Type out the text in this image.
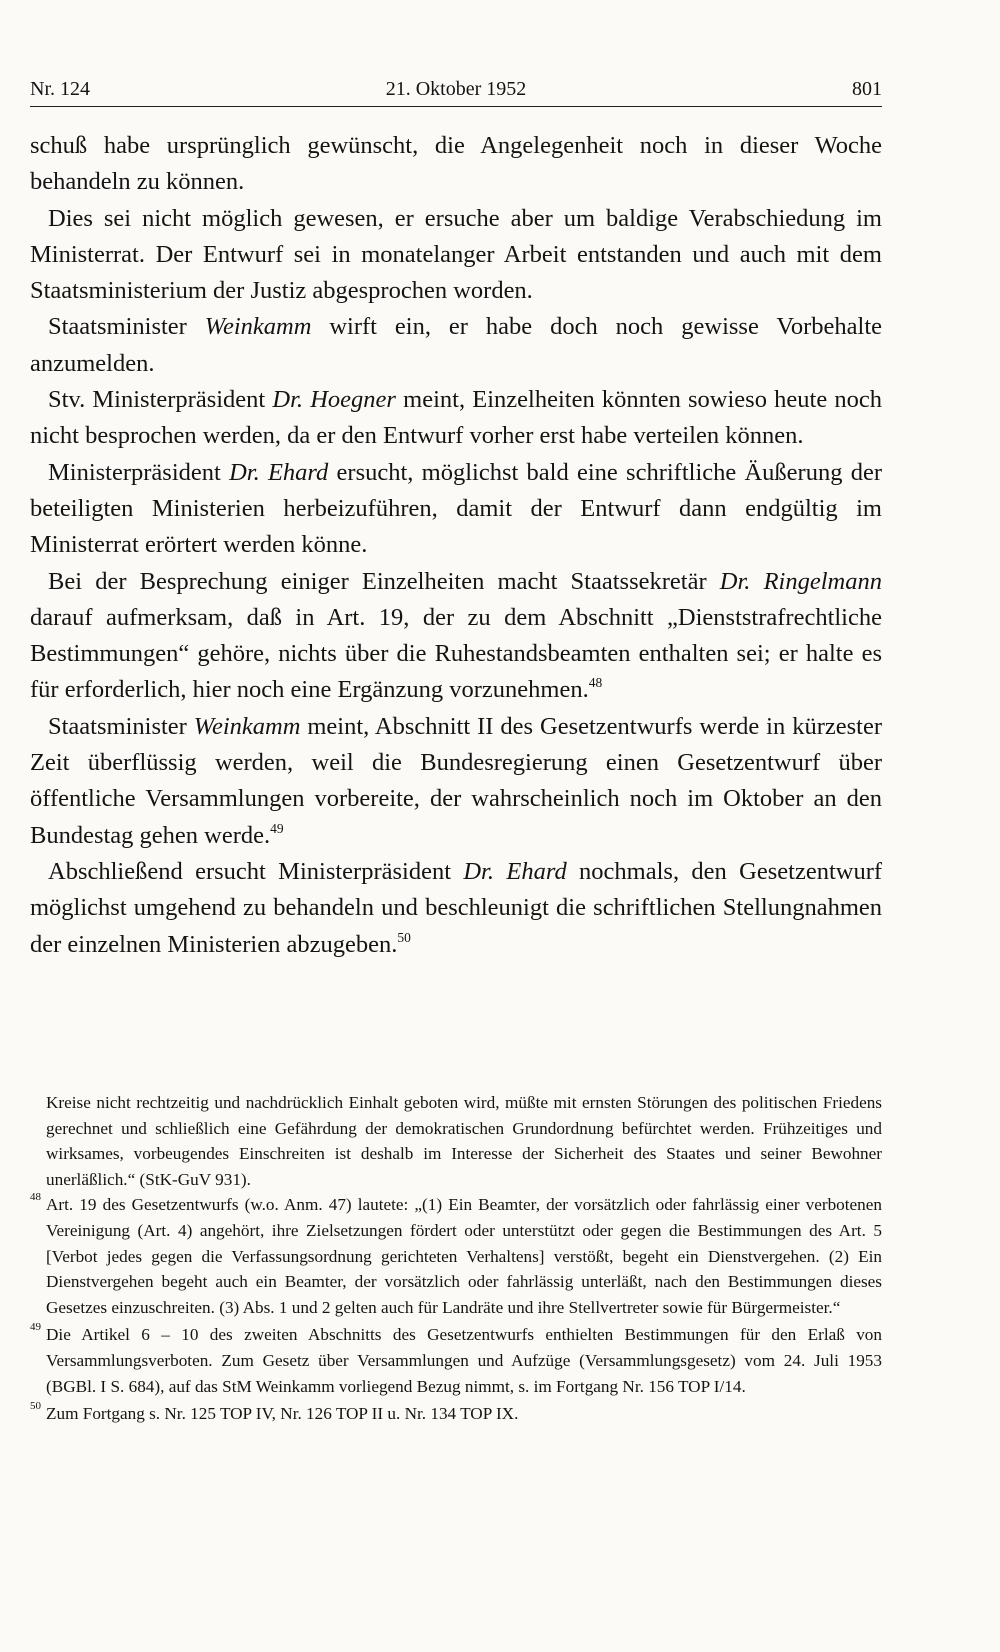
Nr. 124	21. Oktober 1952	801

schuß habe ursprünglich gewünscht, die Angelegenheit noch in dieser Woche behandeln zu können.

Dies sei nicht möglich gewesen, er ersuche aber um baldige Verabschiedung im Ministerrat. Der Entwurf sei in monatelanger Arbeit entstanden und auch mit dem Staatsministerium der Justiz abgesprochen worden.

Staatsminister Weinkamm wirft ein, er habe doch noch gewisse Vorbehalte anzumelden.

Stv. Ministerpräsident Dr. Hoegner meint, Einzelheiten könnten sowieso heute noch nicht besprochen werden, da er den Entwurf vorher erst habe verteilen können.

Ministerpräsident Dr. Ehard ersucht, möglichst bald eine schriftliche Äußerung der beteiligten Ministerien herbeizuführen, damit der Entwurf dann endgültig im Ministerrat erörtert werden könne.

Bei der Besprechung einiger Einzelheiten macht Staatssekretär Dr. Ringelmann darauf aufmerksam, daß in Art. 19, der zu dem Abschnitt „Dienststrafrechtliche Bestimmungen“ gehöre, nichts über die Ruhestandsbeamten enthalten sei; er halte es für erforderlich, hier noch eine Ergänzung vorzunehmen.$^{48}$

Staatsminister Weinkamm meint, Abschnitt II des Gesetzentwurfs werde in kürzester Zeit überflüssig werden, weil die Bundesregierung einen Gesetzentwurf über öffentliche Versammlungen vorbereite, der wahrscheinlich noch im Oktober an den Bundestag gehen werde.$^{49}$

Abschließend ersucht Ministerpräsident Dr. Ehard nochmals, den Gesetzentwurf möglichst umgehend zu behandeln und beschleunigt die schriftlichen Stellungnahmen der einzelnen Ministerien abzugeben.$^{50}$

Kreise nicht rechtzeitig und nachdrücklich Einhalt geboten wird, müßte mit ernsten Störungen des politischen Friedens gerechnet und schließlich eine Gefährdung der demokratischen Grundordnung befürchtet werden. Frühzeitiges und wirksames, vorbeugendes Einschreiten ist deshalb im Interesse der Sicherheit des Staates und seiner Bewohner unerläßlich.“ (StK-GuV 931).

48 Art. 19 des Gesetzentwurfs (w.o. Anm. 47) lautete: „(1) Ein Beamter, der vorsätzlich oder fahrlässig einer verbotenen Vereinigung (Art. 4) angehört, ihre Zielsetzungen fördert oder unterstützt oder gegen die Bestimmungen des Art. 5 [Verbot jedes gegen die Verfassungsordnung gerichteten Verhaltens] verstößt, begeht ein Dienstvergehen. (2) Ein Dienstvergehen begeht auch ein Beamter, der vorsätzlich oder fahrlässig unterläßt, nach den Bestimmungen dieses Gesetzes einzuschreiten. (3) Abs. 1 und 2 gelten auch für Landräte und ihre Stellvertreter sowie für Bürgermeister.“

49 Die Artikel 6 – 10 des zweiten Abschnitts des Gesetzentwurfs enthielten Bestimmungen für den Erlaß von Versammlungsverboten. Zum Gesetz über Versammlungen und Aufzüge (Versammlungsgesetz) vom 24. Juli 1953 (BGBl. I S. 684), auf das StM Weinkamm vorliegend Bezug nimmt, s. im Fortgang Nr. 156 TOP I/14.

50 Zum Fortgang s. Nr. 125 TOP IV, Nr. 126 TOP II u. Nr. 134 TOP IX.
